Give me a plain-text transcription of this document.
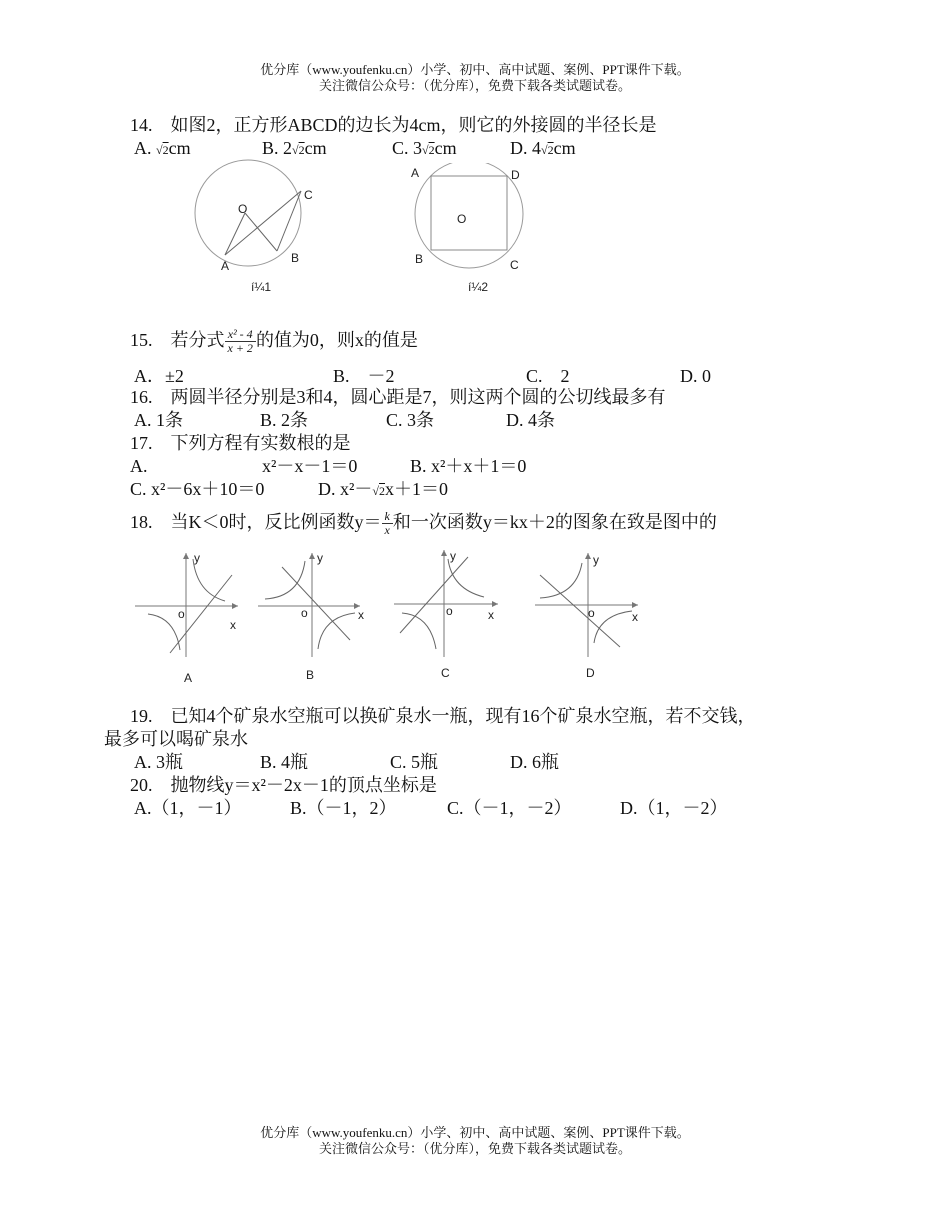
优分库（www.youfenku.cn）小学、初中、高中试题、案例、PPT课件下载。
关注微信公众号：（优分库），免费下载各类试题试卷。
14.　如图2，正方形ABCD的边长为4cm，则它的外接圆的半径长是
A. √2cm	B. 2√2cm	C. 3√2cm	D. 4√2cm
O
A
B
C
í¼1
A	D
B	C
O
í¼2
15.　若分式 $\frac{\text{x² - 4}}{x + 2}$ 的值为0，则x的值是
A．±2	B.　－2	C.　2	D. 0
16.　两圆半径分别是3和4，圆心距是7，则这两个圆的公切线最多有
A. 1条	B. 2条	C. 3条	D. 4条
17.　下列方程有实数根的是
A.	x²－x－1＝0	B. x²＋x＋1＝0
C. x²－6x＋10＝0	D. x²－√2x＋1＝0
18.　当K＜0时，反比例函数$y= \frac{k}{x}$ 和一次函数y＝kx＋2的图象在致是图中的
y
o
x
A
y
o	x
B
y
o	x
C
y
o	x
D
19.　已知4个矿泉水空瓶可以换矿泉水一瓶，现有16个矿泉水空瓶，若不交钱，
最多可以喝矿泉水
A. 3瓶	B. 4瓶	C. 5瓶	D. 6瓶
20.　抛物线y＝x²－2x－1的顶点坐标是
A.（1，－1）	B.（－1，2）	C.（－1，－2）	D.（1，－2）
优分库（www.youfenku.cn）小学、初中、高中试题、案例、PPT课件下载。
关注微信公众号：（优分库），免费下载各类试题试卷。
